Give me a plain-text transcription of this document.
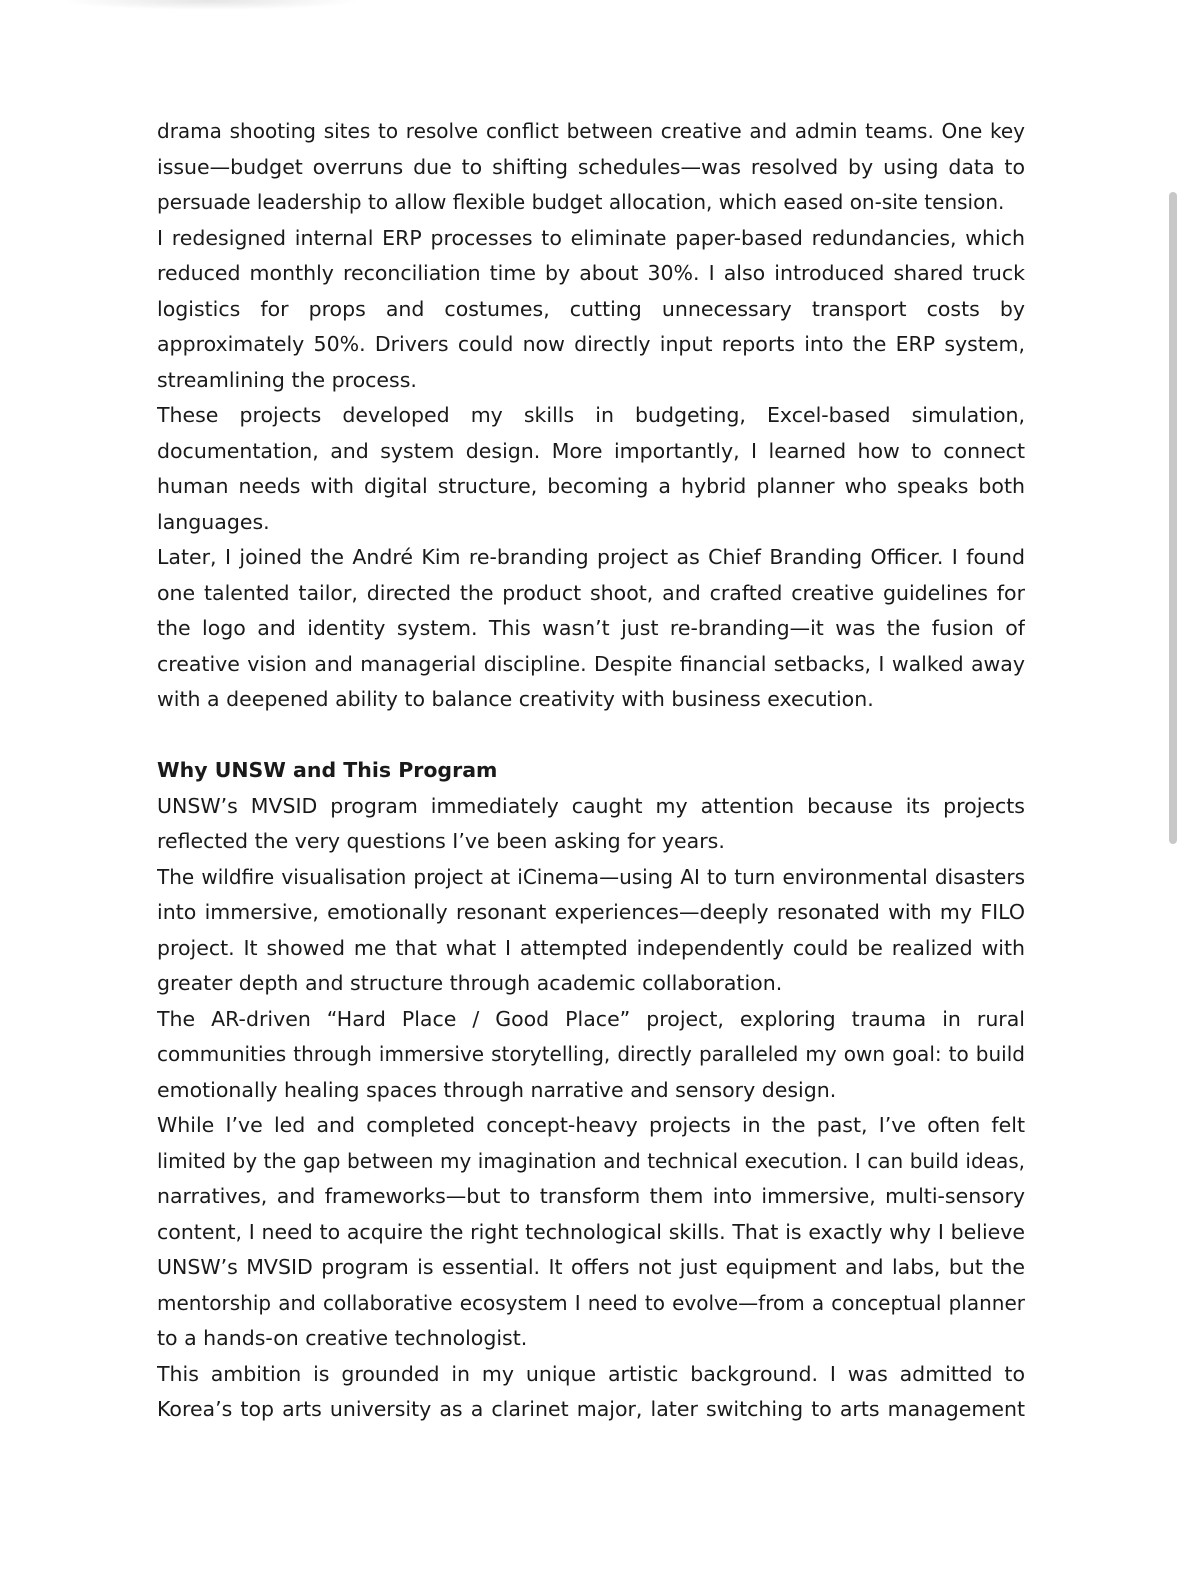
drama shooting sites to resolve conflict between creative and admin teams. One key
issue—budget overruns due to shifting schedules—was resolved by using data to
persuade leadership to allow flexible budget allocation, which eased on-site tension.
I redesigned internal ERP processes to eliminate paper-based redundancies, which
reduced monthly reconciliation time by about 30%. I also introduced shared truck
logistics for props and costumes, cutting unnecessary transport costs by
approximately 50%. Drivers could now directly input reports into the ERP system,
streamlining the process.
These projects developed my skills in budgeting, Excel-based simulation,
documentation, and system design. More importantly, I learned how to connect
human needs with digital structure, becoming a hybrid planner who speaks both
languages.
Later, I joined the André Kim re-branding project as Chief Branding Officer. I found
one talented tailor, directed the product shoot, and crafted creative guidelines for
the logo and identity system. This wasn’t just re-branding—it was the fusion of
creative vision and managerial discipline. Despite financial setbacks, I walked away
with a deepened ability to balance creativity with business execution.
Why UNSW and This Program
UNSW’s MVSID program immediately caught my attention because its projects
reflected the very questions I’ve been asking for years.
The wildfire visualisation project at iCinema—using AI to turn environmental disasters
into immersive, emotionally resonant experiences—deeply resonated with my FILO
project. It showed me that what I attempted independently could be realized with
greater depth and structure through academic collaboration.
The AR-driven “Hard Place / Good Place” project, exploring trauma in rural
communities through immersive storytelling, directly paralleled my own goal: to build
emotionally healing spaces through narrative and sensory design.
While I’ve led and completed concept-heavy projects in the past, I’ve often felt
limited by the gap between my imagination and technical execution. I can build ideas,
narratives, and frameworks—but to transform them into immersive, multi-sensory
content, I need to acquire the right technological skills. That is exactly why I believe
UNSW’s MVSID program is essential. It offers not just equipment and labs, but the
mentorship and collaborative ecosystem I need to evolve—from a conceptual planner
to a hands-on creative technologist.
This ambition is grounded in my unique artistic background. I was admitted to
Korea’s top arts university as a clarinet major, later switching to arts management
